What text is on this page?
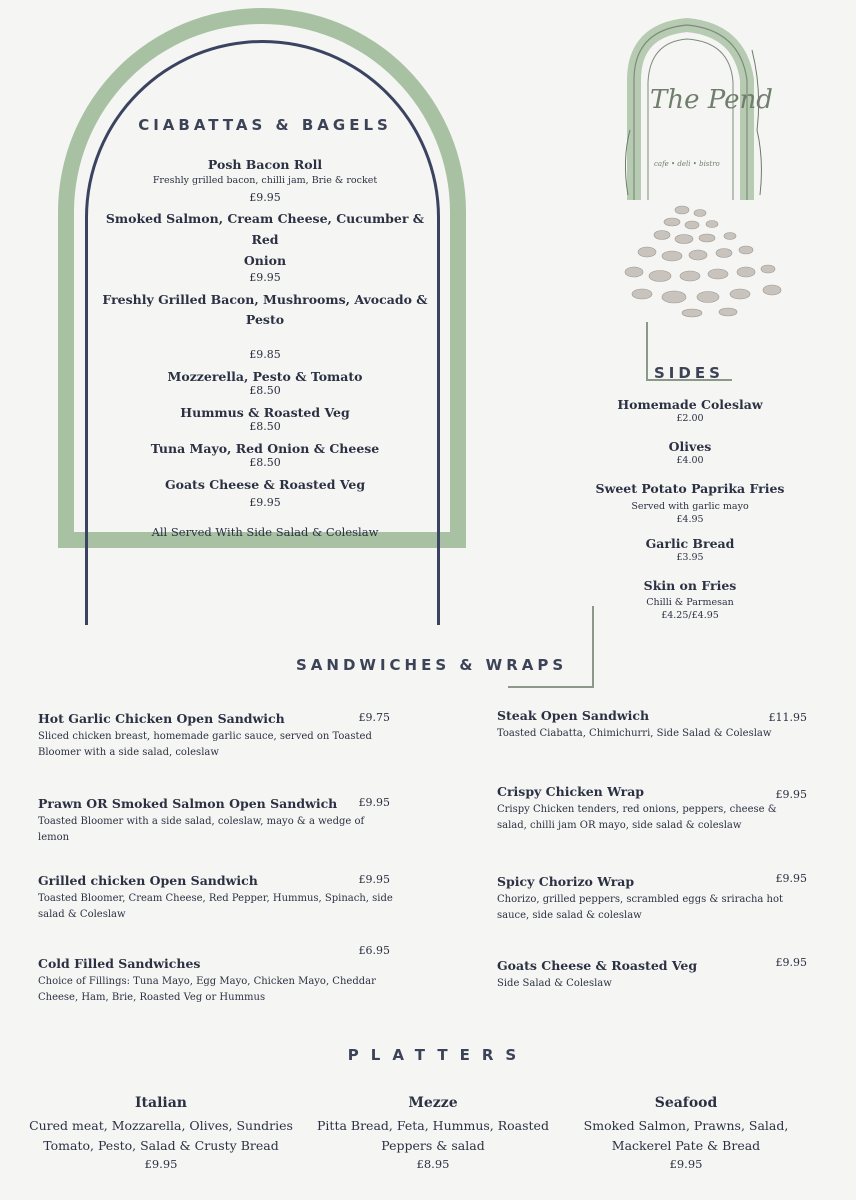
CIABATTAS & BAGELS
Posh Bacon Roll
Freshly grilled bacon, chilli jam, Brie & rocket
£9.95
Smoked Salmon, Cream Cheese, Cucumber & Red
Onion
£9.95
Freshly Grilled Bacon, Mushrooms, Avocado & Pesto
£9.85
Mozzerella, Pesto & Tomato
£8.50
Hummus & Roasted Veg
£8.50
Tuna Mayo, Red Onion & Cheese
£8.50
Goats Cheese & Roasted Veg
£9.95
All Served With Side Salad & Coleslaw
The Pend
cafe • deli • bistro
SIDES
Homemade Coleslaw
£2.00
Olives
£4.00
Sweet Potato Paprika Fries
Served with garlic mayo
£4.95
Garlic Bread
£3.95
Skin on Fries
Chilli & Parmesan
£4.25/£4.95
SANDWICHES & WRAPS
£9.75
Hot Garlic Chicken Open Sandwich
Sliced chicken breast, homemade garlic sauce, served on Toasted Bloomer with a side salad, coleslaw
£9.95
Prawn OR Smoked Salmon Open Sandwich
Toasted Bloomer with a side salad, coleslaw, mayo & a wedge of lemon
£9.95
Grilled chicken Open Sandwich
Toasted Bloomer, Cream Cheese, Red Pepper, Hummus, Spinach, side salad & Coleslaw
£6.95
Cold Filled Sandwiches
Choice of Fillings: Tuna Mayo, Egg Mayo, Chicken Mayo, Cheddar Cheese, Ham, Brie, Roasted Veg or Hummus
£11.95
Steak Open Sandwich
Toasted Ciabatta, Chimichurri, Side Salad & Coleslaw
£9.95
Crispy Chicken Wrap
Crispy Chicken tenders, red onions, peppers, cheese & salad, chilli jam OR mayo, side salad & coleslaw
£9.95
Spicy Chorizo Wrap
Chorizo, grilled peppers, scrambled eggs & sriracha hot sauce, side salad & coleslaw
£9.95
Goats Cheese & Roasted Veg
Side Salad & Coleslaw
PLATTERS
Italian
Cured meat, Mozzarella, Olives, Sundries
Tomato, Pesto, Salad & Crusty Bread
£9.95
Mezze
Pitta Bread, Feta, Hummus, Roasted
Peppers & salad
£8.95
Seafood
Smoked Salmon, Prawns, Salad,
Mackerel Pate & Bread
£9.95
